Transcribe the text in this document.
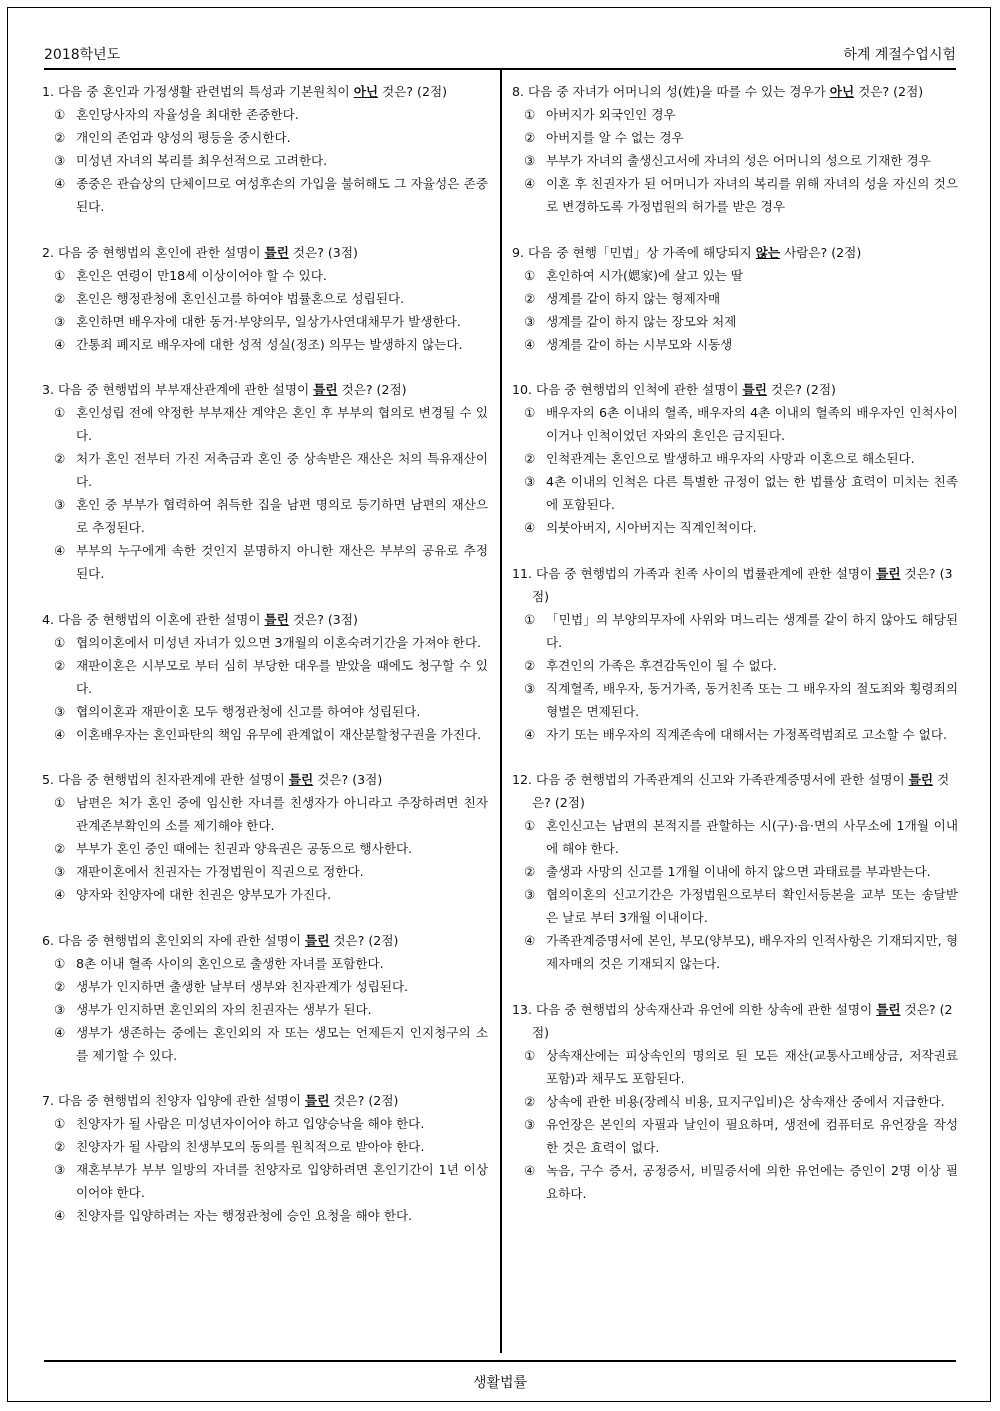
2018학년도	하계 계절수업시험
1. 다음 중 혼인과 가정생활 관련법의 특성과 기본원칙이 아닌 것은? (2점)
① 혼인당사자의 자율성을 최대한 존중한다.
② 개인의 존엄과 양성의 평등을 중시한다.
③ 미성년 자녀의 복리를 최우선적으로 고려한다.
④ 종중은 관습상의 단체이므로 여성후손의 가입을 불허해도 그 자율성은 존중된다.
2. 다음 중 현행법의 혼인에 관한 설명이 틀린 것은? (3점)
① 혼인은 연령이 만18세 이상이어야 할 수 있다.
② 혼인은 행정관청에 혼인신고를 하여야 법률혼으로 성립된다.
③ 혼인하면 배우자에 대한 동거·부양의무, 일상가사연대채무가 발생한다.
④ 간통죄 폐지로 배우자에 대한 성적 성실(정조) 의무는 발생하지 않는다.
3. 다음 중 현행법의 부부재산관계에 관한 설명이 틀린 것은? (2점)
① 혼인성립 전에 약정한 부부재산 계약은 혼인 후 부부의 협의로 변경될 수 있다.
② 처가 혼인 전부터 가진 저축금과 혼인 중 상속받은 재산은 처의 특유재산이다.
③ 혼인 중 부부가 협력하여 취득한 집을 남편 명의로 등기하면 남편의 재산으로 추정된다.
④ 부부의 누구에게 속한 것인지 분명하지 아니한 재산은 부부의 공유로 추정된다.
4. 다음 중 현행법의 이혼에 관한 설명이 틀린 것은? (3점)
① 협의이혼에서 미성년 자녀가 있으면 3개월의 이혼숙려기간을 가져야 한다.
② 재판이혼은 시부모로 부터 심히 부당한 대우를 받았을 때에도 청구할 수 있다.
③ 협의이혼과 재판이혼 모두 행정관청에 신고를 하여야 성립된다.
④ 이혼배우자는 혼인파탄의 책임 유무에 관계없이 재산분할청구권을 가진다.
5. 다음 중 현행법의 친자관계에 관한 설명이 틀린 것은? (3점)
① 남편은 처가 혼인 중에 임신한 자녀를 친생자가 아니라고 주장하려면 친자관계존부확인의 소를 제기해야 한다.
② 부부가 혼인 중인 때에는 친권과 양육권은 공동으로 행사한다.
③ 재판이혼에서 친권자는 가정법원이 직권으로 정한다.
④ 양자와 친양자에 대한 친권은 양부모가 가진다.
6. 다음 중 현행법의 혼인외의 자에 관한 설명이 틀린 것은? (2점)
① 8촌 이내 혈족 사이의 혼인으로 출생한 자녀를 포함한다.
② 생부가 인지하면 출생한 날부터 생부와 친자관계가 성립된다.
③ 생부가 인지하면 혼인외의 자의 친권자는 생부가 된다.
④ 생부가 생존하는 중에는 혼인외의 자 또는 생모는 언제든지 인지청구의 소를 제기할 수 있다.
7. 다음 중 현행법의 친양자 입양에 관한 설명이 틀린 것은? (2점)
① 친양자가 될 사람은 미성년자이어야 하고 입양승낙을 해야 한다.
② 친양자가 될 사람의 친생부모의 동의를 원칙적으로 받아야 한다.
③ 재혼부부가 부부 일방의 자녀를 친양자로 입양하려면 혼인기간이 1년 이상이어야 한다.
④ 친양자를 입양하려는 자는 행정관청에 승인 요청을 해야 한다.
8. 다음 중 자녀가 어머니의 성(姓)을 따를 수 있는 경우가 아닌 것은? (2점)
① 아버지가 외국인인 경우
② 아버지를 알 수 없는 경우
③ 부부가 자녀의 출생신고서에 자녀의 성은 어머니의 성으로 기재한 경우
④ 이혼 후 친권자가 된 어머니가 자녀의 복리를 위해 자녀의 성을 자신의 것으로 변경하도록 가정법원의 허가를 받은 경우
9. 다음 중 현행「민법」상 가족에 해당되지 않는 사람은? (2점)
① 혼인하여 시가(媤家)에 살고 있는 딸
② 생계를 같이 하지 않는 형제자매
③ 생계를 같이 하지 않는 장모와 처제
④ 생계를 같이 하는 시부모와 시동생
10. 다음 중 현행법의 인척에 관한 설명이 틀린 것은? (2점)
① 배우자의 6촌 이내의 혈족, 배우자의 4촌 이내의 혈족의 배우자인 인척사이 이거나 인척이었던 자와의 혼인은 금지된다.
② 인척관계는 혼인으로 발생하고 배우자의 사망과 이혼으로 해소된다.
③ 4촌 이내의 인척은 다른 특별한 규정이 없는 한 법률상 효력이 미치는 친족에 포함된다.
④ 의붓아버지, 시아버지는 직계인척이다.
11. 다음 중 현행법의 가족과 친족 사이의 법률관계에 관한 설명이 틀린 것은? (3점)
① 「민법」의 부양의무자에 사위와 며느리는 생계를 같이 하지 않아도 해당된다.
② 후견인의 가족은 후견감독인이 될 수 없다.
③ 직계혈족, 배우자, 동거가족, 동거친족 또는 그 배우자의 절도죄와 횡령죄의 형벌은 면제된다.
④ 자기 또는 배우자의 직계존속에 대해서는 가정폭력범죄로 고소할 수 없다.
12. 다음 중 현행법의 가족관계의 신고와 가족관계증명서에 관한 설명이 틀린 것은? (2점)
① 혼인신고는 남편의 본적지를 관할하는 시(구)·읍·면의 사무소에 1개월 이내에 해야 한다.
② 출생과 사망의 신고를 1개월 이내에 하지 않으면 과태료를 부과받는다.
③ 협의이혼의 신고기간은 가정법원으로부터 확인서등본을 교부 또는 송달받은 날로 부터 3개월 이내이다.
④ 가족관계증명서에 본인, 부모(양부모), 배우자의 인적사항은 기재되지만, 형제자매의 것은 기재되지 않는다.
13. 다음 중 현행법의 상속재산과 유언에 의한 상속에 관한 설명이 틀린 것은? (2점)
① 상속재산에는 피상속인의 명의로 된 모든 재산(교통사고배상금, 저작권료 포함)과 채무도 포함된다.
② 상속에 관한 비용(장례식 비용, 묘지구입비)은 상속재산 중에서 지급한다.
③ 유언장은 본인의 자필과 날인이 필요하며, 생전에 컴퓨터로 유언장을 작성한 것은 효력이 없다.
④ 녹음, 구수 증서, 공정증서, 비밀증서에 의한 유언에는 증인이 2명 이상 필요하다.
생활법률
